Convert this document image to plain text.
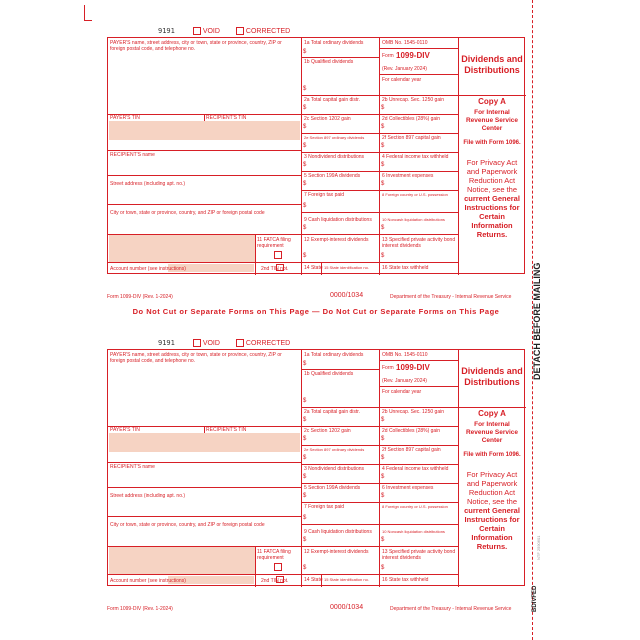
9191	VOID	CORRECTED
PAYER'S name, street address, city or town, state or province, country, ZIP or foreign postal code, and telephone no.
PAYER'S TIN	RECIPIENT'S TIN
RECIPIENT'S name
Street address (including apt. no.)
City or town, state or province, country, and ZIP or foreign postal code
11 FATCA filing requirement
Account number (see instructions)	2nd TIN not.
1a Total ordinary dividends
$
1b Qualified dividends
$
2a Total capital gain distr.
$
2c Section 1202 gain
$
2e Section 897 ordinary dividends
$
3 Nondividend distributions
$
5 Section 199A dividends
$
7 Foreign tax paid
$
9 Cash liquidation distributions
$
12 Exempt-interest dividends
$
14 State 15 State identification no.
OMB No. 1545-0110
Form 1099-DIV
(Rev. January 2024)
For calendar year
2b Unrecap. Sec. 1250 gain
$
2d Collectibles (28%) gain
$
2f Section 897 capital gain
$
4 Federal income tax withheld
$
6 Investment expenses
$
8 Foreign country or U.S. possession
10 Noncash liquidation distributions
$
13 Specified private activity bond interest dividends
$
16 State tax withheld
Dividends and Distributions
Copy A
For Internal Revenue Service Center
File with Form 1096.
For Privacy Act and Paperwork Reduction Act Notice, see the
current General Instructions for Certain Information Returns.
Form 1099-DIV (Rev. 1-2024)	0000/1034	Department of the Treasury - Internal Revenue Service
Do Not Cut or Separate Forms on This Page — Do Not Cut or Separate Forms on This Page
9191	VOID	CORRECTED
PAYER'S name, street address, city or town, state or province, country, ZIP or foreign postal code, and telephone no.
PAYER'S TIN	RECIPIENT'S TIN
RECIPIENT'S name
Street address (including apt. no.)
City or town, state or province, country, and ZIP or foreign postal code
11 FATCA filing requirement
Account number (see instructions)	2nd TIN not.
1a Total ordinary dividends
$
1b Qualified dividends
$
2a Total capital gain distr.
$
2c Section 1202 gain
$
2e Section 897 ordinary dividends
$
3 Nondividend distributions
$
5 Section 199A dividends
$
7 Foreign tax paid
$
9 Cash liquidation distributions
$
12 Exempt-interest dividends
$
14 State 15 State identification no.
OMB No. 1545-0110
Form 1099-DIV
(Rev. January 2024)
For calendar year
2b Unrecap. Sec. 1250 gain
$
2d Collectibles (28%) gain
$
2f Section 897 capital gain
$
4 Federal income tax withheld
$
6 Investment expenses
$
8 Foreign country or U.S. possession
10 Noncash liquidation distributions
$
13 Specified private activity bond interest dividends
$
16 State tax withheld
Dividends and Distributions
Copy A
For Internal Revenue Service Center
File with Form 1096.
For Privacy Act and Paperwork Reduction Act Notice, see the
current General Instructions for Certain Information Returns.
Form 1099-DIV (Rev. 1-2024)	0000/1034	Department of the Treasury - Internal Revenue Service
DETACH BEFORE MAILING
BDIVFED
NTF 2590601
